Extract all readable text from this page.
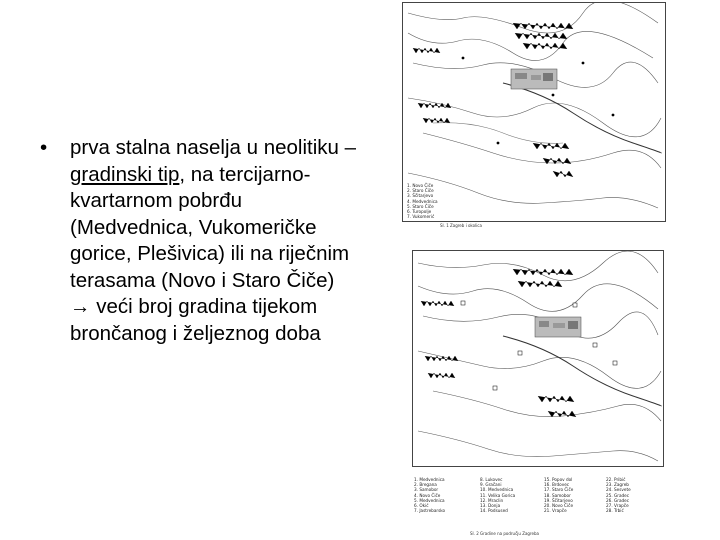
•	prva stalna naselja u neolitiku – gradinski tip, na tercijarno-kvartarnom pobrđu (Medvednica, Vukomeričke gorice, Plešivica) ili na riječnim terasama (Novo i Staro Čiče) → veći broj gradina tijekom brončanog i željeznog doba
1. Novo Čiče
2. Staro Čiče
3. Ščitarjevo
4. Medvednica
5. Staro Čiče
6. Turopolje
7. Vukomerić
Sl. 1 Zagreb i okolica
1. Medvednica
2. Bregana
3. Samobor
4. Novo Čiče
5. Medvednica
6. Okić
7. Jastrebarsko
8. Lukovec
9. Gračani
10. Medvednica
11. Velika Gorica
12. Mraclin
13. Donja
14. Podsused
15. Popov dol
16. Brdovec
17. Staro Čiče
18. Samobor
19. Ščitarjevo
20. Novo Čiče
21. Vrapče
22. Pribić
23. Zagreb
24. Sesvete
25. Gradec
26. Gradec
27. Vrapče
28. Trbić
Sl. 2 Gradine na području Zagreba
